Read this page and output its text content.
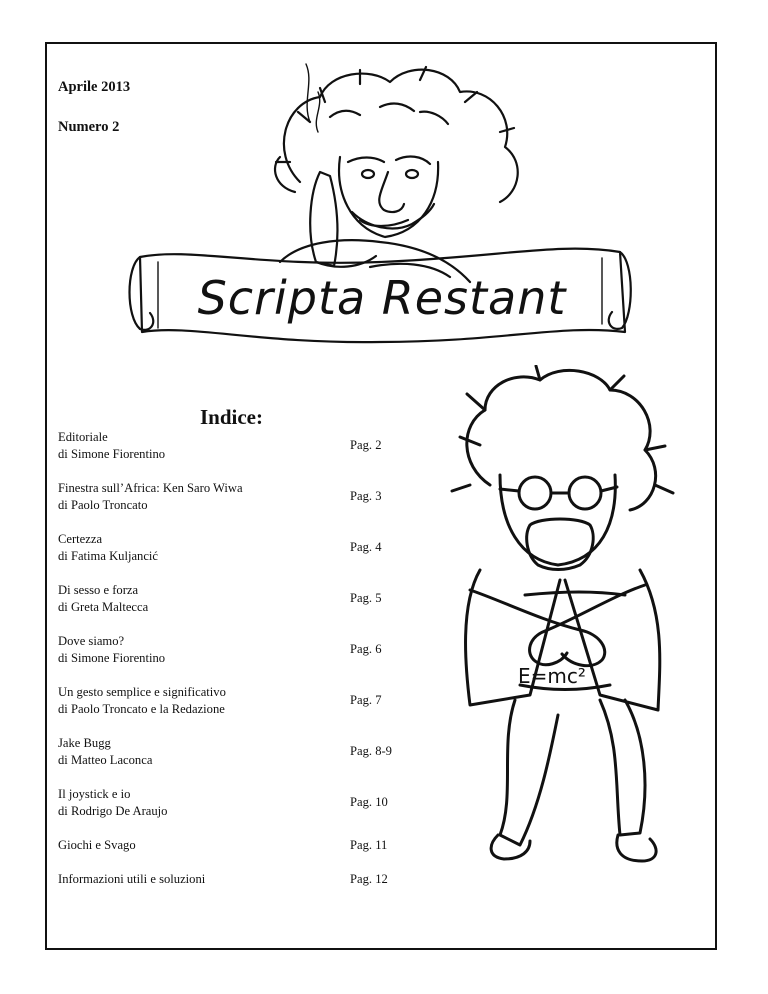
Aprile 2013
Numero 2
Scripta Restant
Indice:
Editoriale
di Simone Fiorentino
Pag. 2
Finestra sull’Africa: Ken Saro Wiwa
di Paolo Troncato
Pag. 3
Certezza
di Fatima Kuljancić
Pag. 4
Di sesso e forza
di Greta Maltecca
Pag. 5
Dove siamo?
di Simone Fiorentino
Pag. 6
Un gesto semplice e significativo
di Paolo Troncato e la Redazione
Pag. 7
Jake Bugg
di Matteo Laconca
Pag. 8-9
Il joystick e io
di Rodrigo De Araujo
Pag. 10
Giochi e Svago	Pag. 11
Informazioni utili e soluzioni	Pag. 12
E=mc²
